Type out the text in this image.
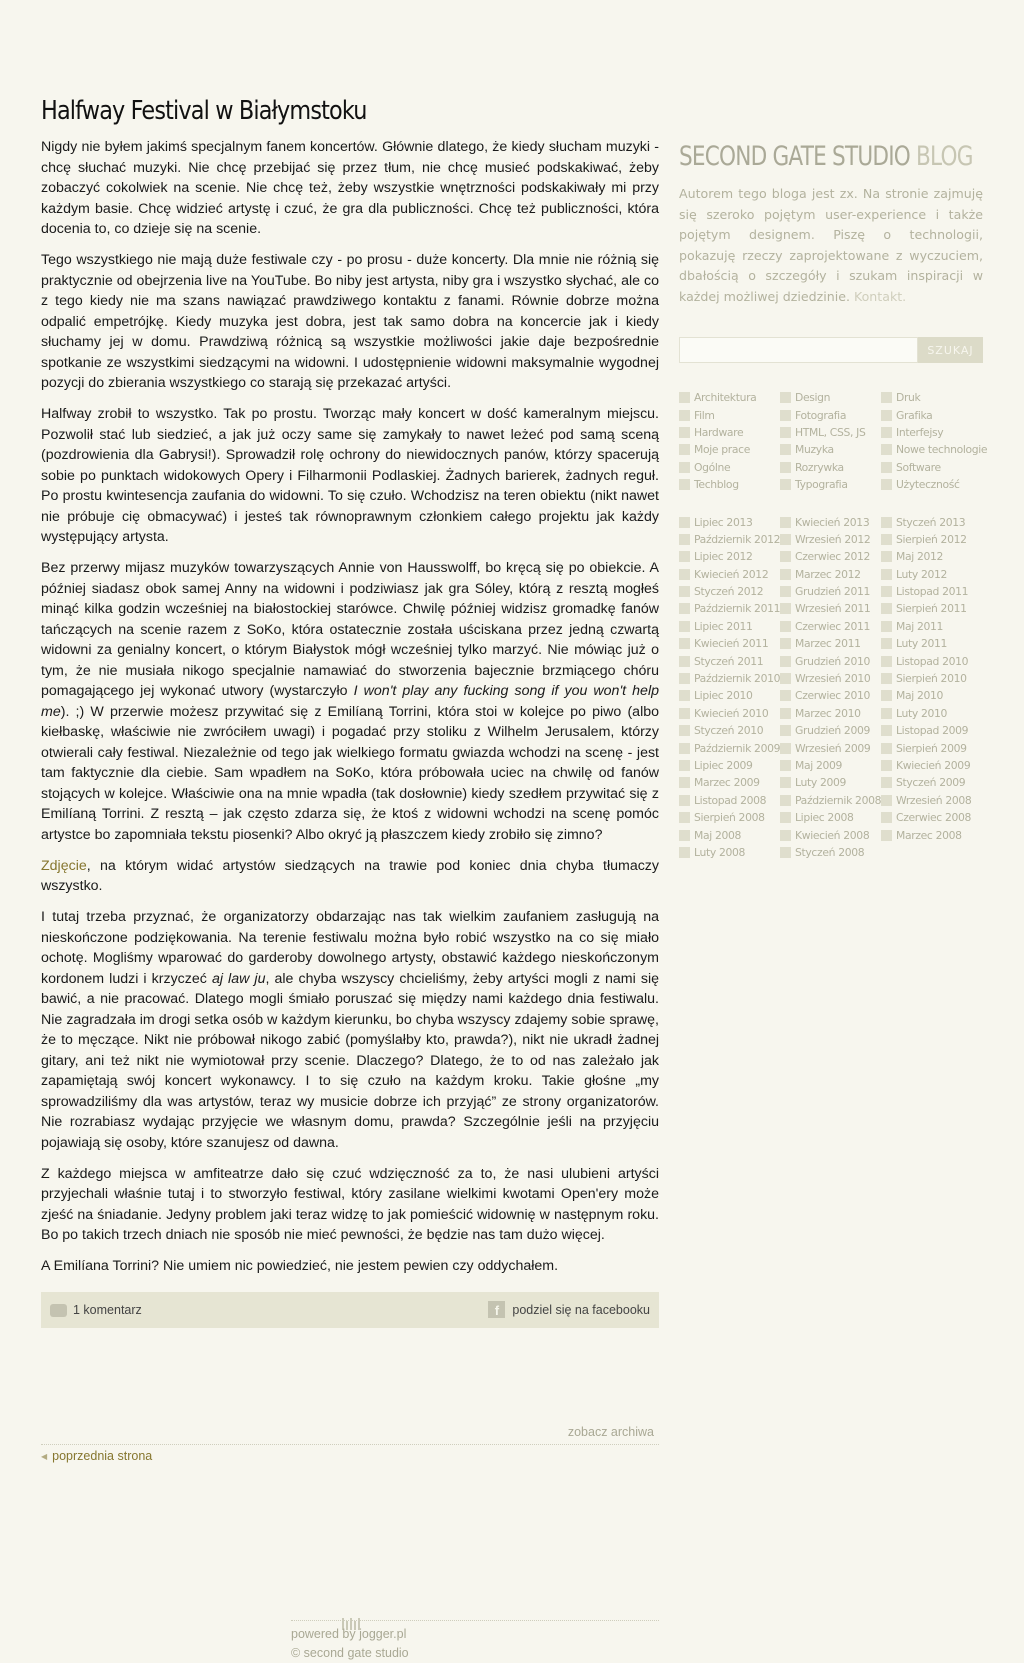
Halfway Festival w Białymstoku

Nigdy nie byłem jakimś specjalnym fanem koncertów. Głównie dlatego, że kiedy słucham muzyki - chcę słuchać muzyki. Nie chcę przebijać się przez tłum, nie chcę musieć podskakiwać, żeby zobaczyć cokolwiek na scenie. Nie chcę też, żeby wszystkie wnętrzności podskakiwały mi przy każdym basie. Chcę widzieć artystę i czuć, że gra dla publiczności. Chcę też publiczności, która docenia to, co dzieje się na scenie.

Tego wszystkiego nie mają duże festiwale czy - po prosu - duże koncerty. Dla mnie nie różnią się praktycznie od obejrzenia live na YouTube. Bo niby jest artysta, niby gra i wszystko słychać, ale co z tego kiedy nie ma szans nawiązać prawdziwego kontaktu z fanami. Równie dobrze można odpalić empetrójkę. Kiedy muzyka jest dobra, jest tak samo dobra na koncercie jak i kiedy słuchamy jej w domu. Prawdziwą różnicą są wszystkie możliwości jakie daje bezpośrednie spotkanie ze wszystkimi siedzącymi na widowni. I udostępnienie widowni maksymalnie wygodnej pozycji do zbierania wszystkiego co starają się przekazać artyści.

Halfway zrobił to wszystko. Tak po prostu. Tworząc mały koncert w dość kameralnym miejscu. Pozwolił stać lub siedzieć, a jak już oczy same się zamykały to nawet leżeć pod samą sceną (pozdrowienia dla Gabrysi!). Sprowadził rolę ochrony do niewidocznych panów, którzy spacerują sobie po punktach widokowych Opery i Filharmonii Podlaskiej. Żadnych barierek, żadnych reguł. Po prostu kwintesencja zaufania do widowni. To się czuło. Wchodzisz na teren obiektu (nikt nawet nie próbuje cię obmacywać) i jesteś tak równoprawnym członkiem całego projektu jak każdy występujący artysta.

Bez przerwy mijasz muzyków towarzyszących Annie von Hausswolff, bo kręcą się po obiekcie. A później siadasz obok samej Anny na widowni i podziwiasz jak gra Sóley, którą z resztą mogłeś minąć kilka godzin wcześniej na białostockiej starówce. Chwilę później widzisz gromadkę fanów tańczących na scenie razem z SoKo, która ostatecznie została uściskana przez jedną czwartą widowni za genialny koncert, o którym Białystok mógł wcześniej tylko marzyć. Nie mówiąc już o tym, że nie musiała nikogo specjalnie namawiać do stworzenia bajecznie brzmiącego chóru pomagającego jej wykonać utwory (wystarczyło I won't play any fucking song if you won't help me). ;) W przerwie możesz przywitać się z Emilíaną Torrini, która stoi w kolejce po piwo (albo kiełbaskę, właściwie nie zwróciłem uwagi) i pogadać przy stoliku z Wilhelm Jerusalem, którzy otwierali cały festiwal. Niezależnie od tego jak wielkiego formatu gwiazda wchodzi na scenę - jest tam faktycznie dla ciebie. Sam wpadłem na SoKo, która próbowała uciec na chwilę od fanów stojących w kolejce. Właściwie ona na mnie wpadła (tak dosłownie) kiedy szedłem przywitać się z Emilíaną Torrini. Z resztą – jak często zdarza się, że ktoś z widowni wchodzi na scenę pomóc artystce bo zapomniała tekstu piosenki? Albo okryć ją płaszczem kiedy zrobiło się zimno?

Zdjęcie, na którym widać artystów siedzących na trawie pod koniec dnia chyba tłumaczy wszystko.

I tutaj trzeba przyznać, że organizatorzy obdarzając nas tak wielkim zaufaniem zasługują na nieskończone podziękowania. Na terenie festiwalu można było robić wszystko na co się miało ochotę. Mogliśmy wparować do garderoby dowolnego artysty, obstawić każdego nieskończonym kordonem ludzi i krzyczeć aj law ju, ale chyba wszyscy chcieliśmy, żeby artyści mogli z nami się bawić, a nie pracować. Dlatego mogli śmiało poruszać się między nami każdego dnia festiwalu. Nie zagradzała im drogi setka osób w każdym kierunku, bo chyba wszyscy zdajemy sobie sprawę, że to męczące. Nikt nie próbował nikogo zabić (pomyślałby kto, prawda?), nikt nie ukradł żadnej gitary, ani też nikt nie wymiotował przy scenie. Dlaczego? Dlatego, że to od nas zależało jak zapamiętają swój koncert wykonawcy. I to się czuło na każdym kroku. Takie głośne „my sprowadziliśmy dla was artystów, teraz wy musicie dobrze ich przyjąć” ze strony organizatorów. Nie rozrabiasz wydając przyjęcie we własnym domu, prawda? Szczególnie jeśli na przyjęciu pojawiają się osoby, które szanujesz od dawna.

Z każdego miejsca w amfiteatrze dało się czuć wdzięczność za to, że nasi ulubieni artyści przyjechali właśnie tutaj i to stworzyło festiwal, który zasilane wielkimi kwotami Open'ery może zjeść na śniadanie. Jedyny problem jaki teraz widzę to jak pomieścić widownię w następnym roku. Bo po takich trzech dniach nie sposób nie mieć pewności, że będzie nas tam dużo więcej.

A Emilíana Torrini? Nie umiem nic powiedzieć, nie jestem pewien czy oddychałem.

1 komentarz	f	podziel się na facebooku
zobacz archiwa
◀ poprzednia strona
SECOND GATE STUDIO BLOG

Autorem tego bloga jest zx. Na stronie zajmuję się szeroko pojętym user-experience i także pojętym designem. Piszę o technologii, pokazuję rzeczy zaprojektowane z wyczuciem, dbałością o szczegóły i szukam inspiracji w każdej możliwej dziedzinie. Kontakt.

SZUKAJ
Architektura	Design	Druk
Film	Fotografia	Grafika
Hardware	HTML, CSS, JS	Interfejsy
Moje prace	Muzyka	Nowe technologie
Ogólne	Rozrywka	Software
Techblog	Typografia	Użyteczność
Lipiec 2013	Kwiecień 2013 Styczeń 2013
Październik 2012 Wrzesień 2012 Sierpień 2012
Lipiec 2012	Czerwiec 2012 Maj 2012
Kwiecień 2012 Marzec 2012	Luty 2012
Styczeń 2012	Grudzień 2011 Listopad 2011
Październik 2011 Wrzesień 2011 Sierpień 2011
Lipiec 2011	Czerwiec 2011 Maj 2011
Kwiecień 2011 Marzec 2011	Luty 2011
Styczeń 2011	Grudzień 2010 Listopad 2010
Październik 2010 Wrzesień 2010 Sierpień 2010
Lipiec 2010	Czerwiec 2010 Maj 2010
Kwiecień 2010 Marzec 2010	Luty 2010
Styczeń 2010	Grudzień 2009 Listopad 2009
Październik 2009 Wrzesień 2009 Sierpień 2009
Lipiec 2009	Maj 2009	Kwiecień 2009
Marzec 2009	Luty 2009	Styczeń 2009
Listopad 2008	Październik 2008 Wrzesień 2008
Sierpień 2008	Lipiec 2008	Czerwiec 2008
Maj 2008	Kwiecień 2008 Marzec 2008
Luty 2008	Styczeń 2008
powered by jogger.pl
© second gate studio
